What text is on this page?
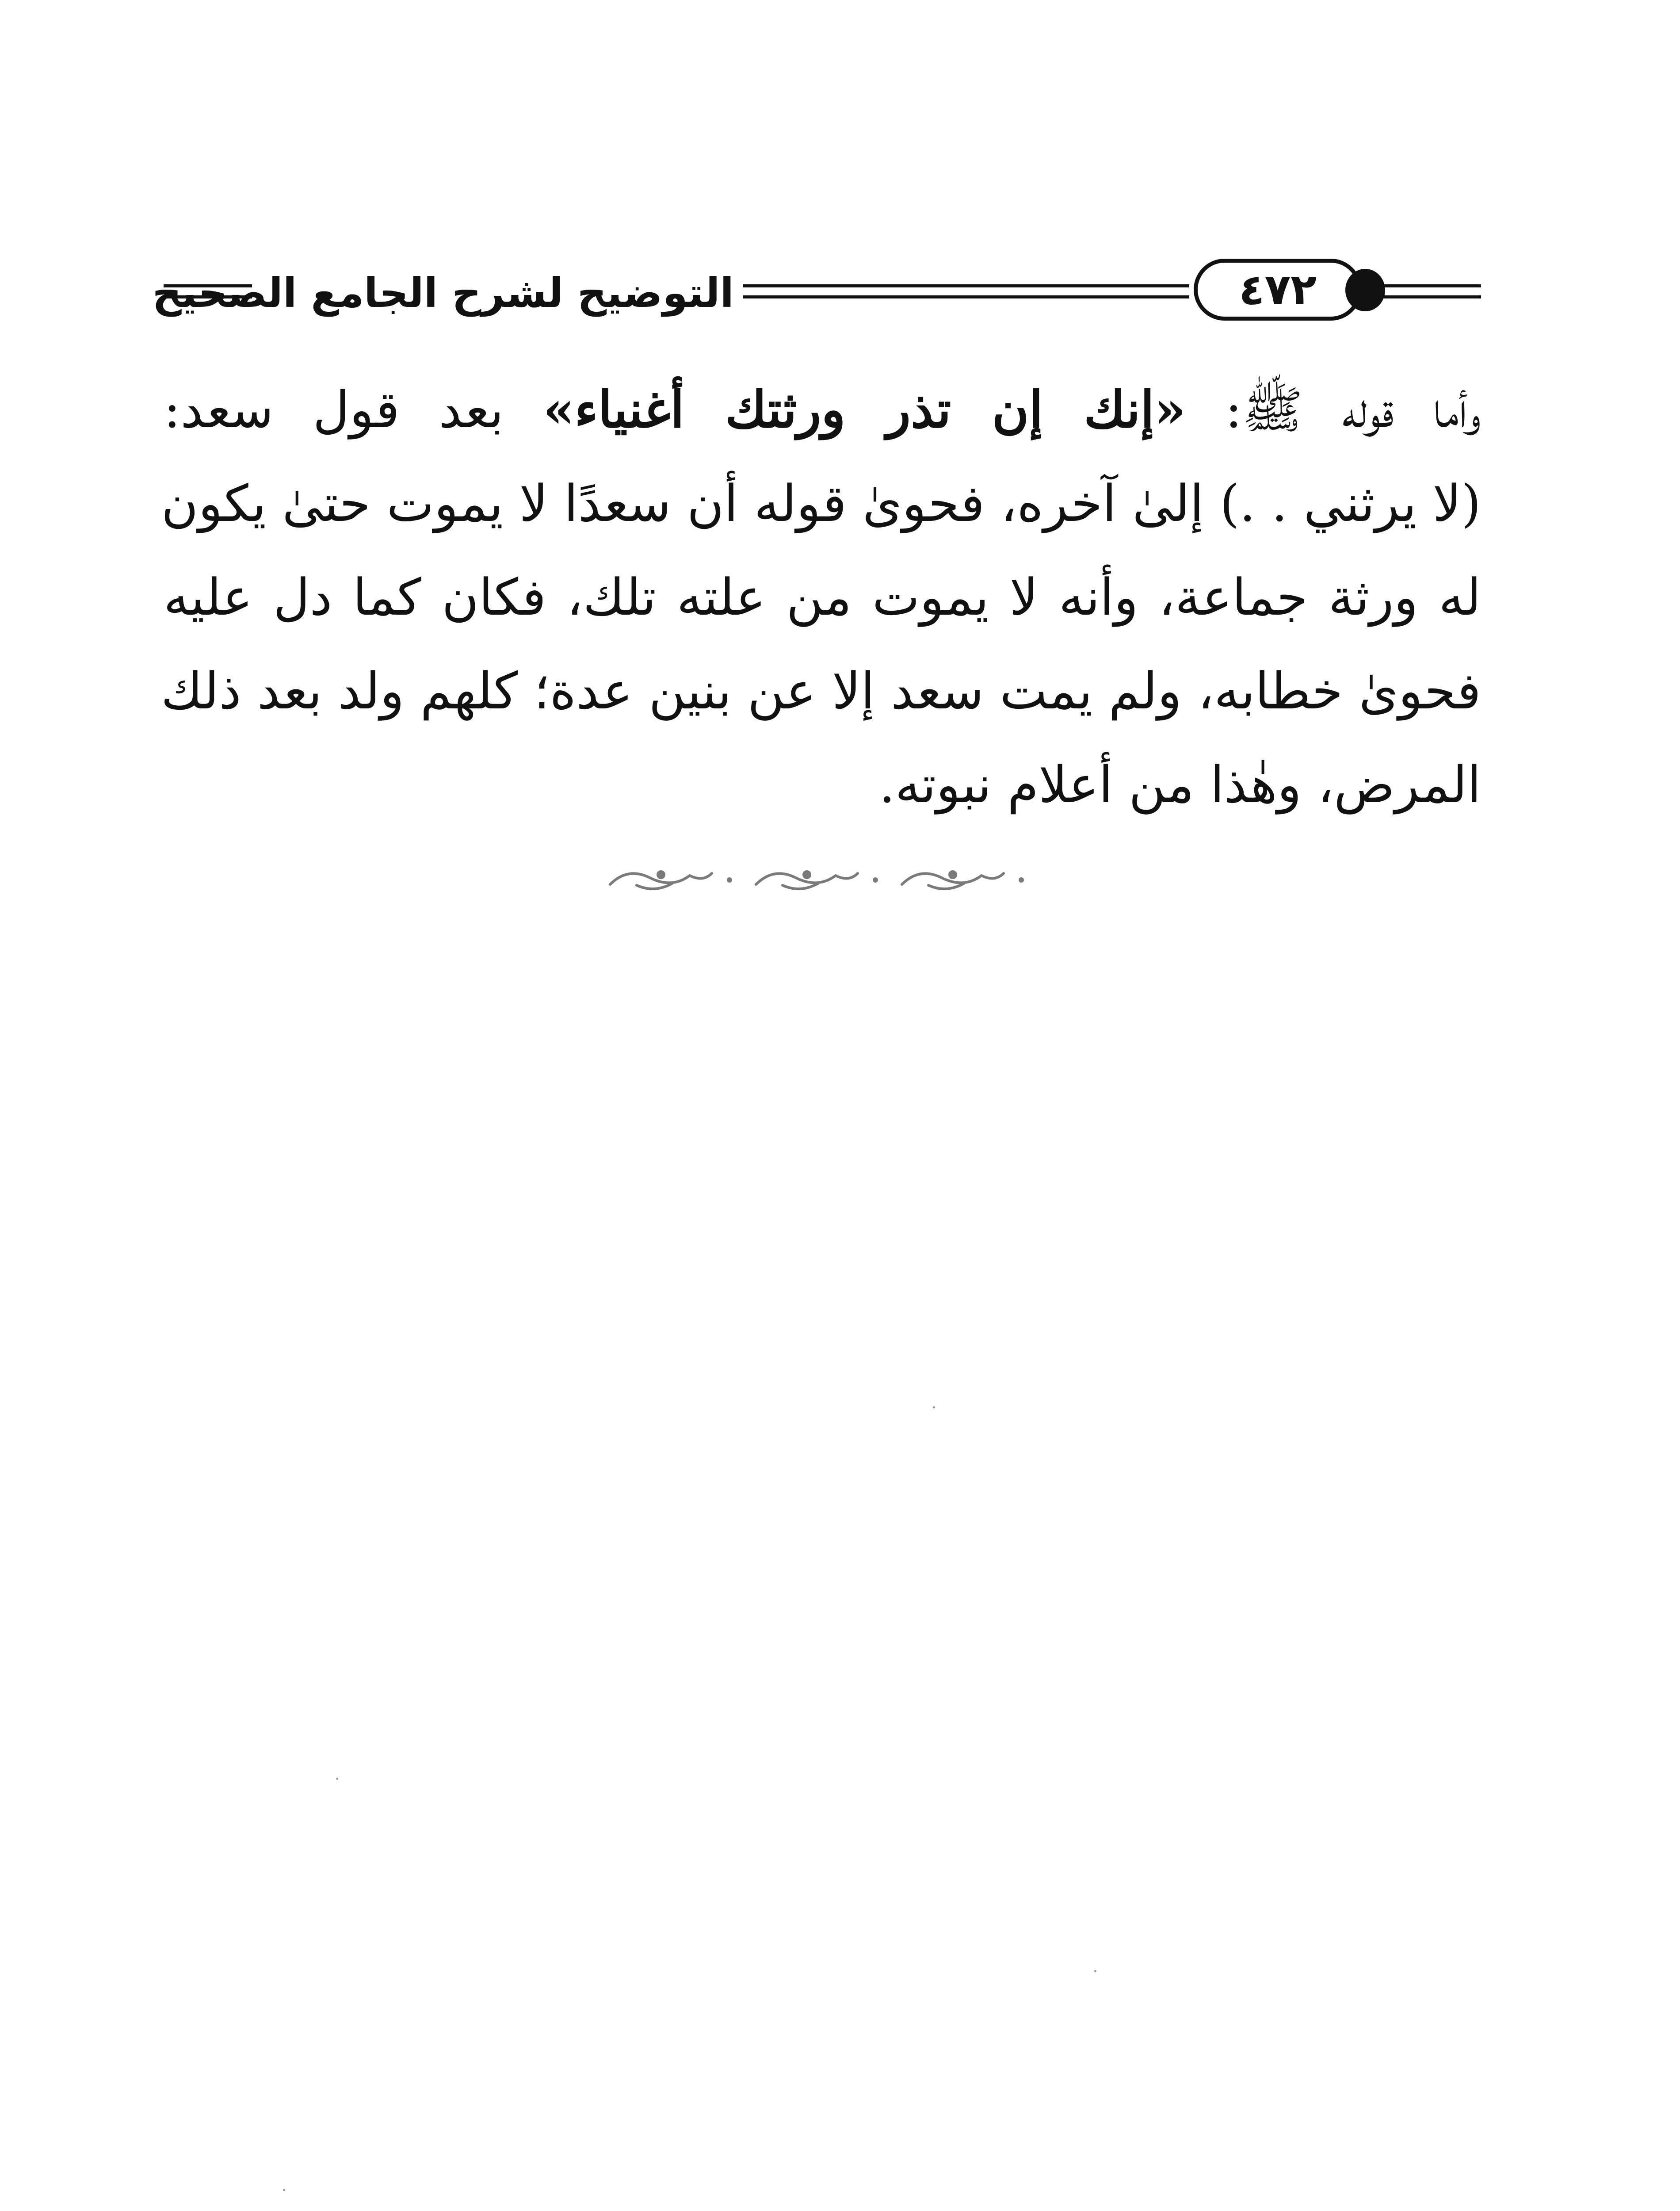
التوضيح لشرح الجامع الصحيح	٤٧٢
وأما قوله ﷺ: «إنك إن تذر ورثتك أغنياء» بعد قول سعد:
(لا يرثني . .) إلىٰ آخره، فحوىٰ قوله أن سعدًا لا يموت حتىٰ يكون
له ورثة جماعة، وأنه لا يموت من علته تلك، فكان كما دل عليه
فحوىٰ خطابه، ولم يمت سعد إلا عن بنين عدة؛ كلهم ولد بعد ذلك
المرض، وهٰذا من أعلام نبوته.
